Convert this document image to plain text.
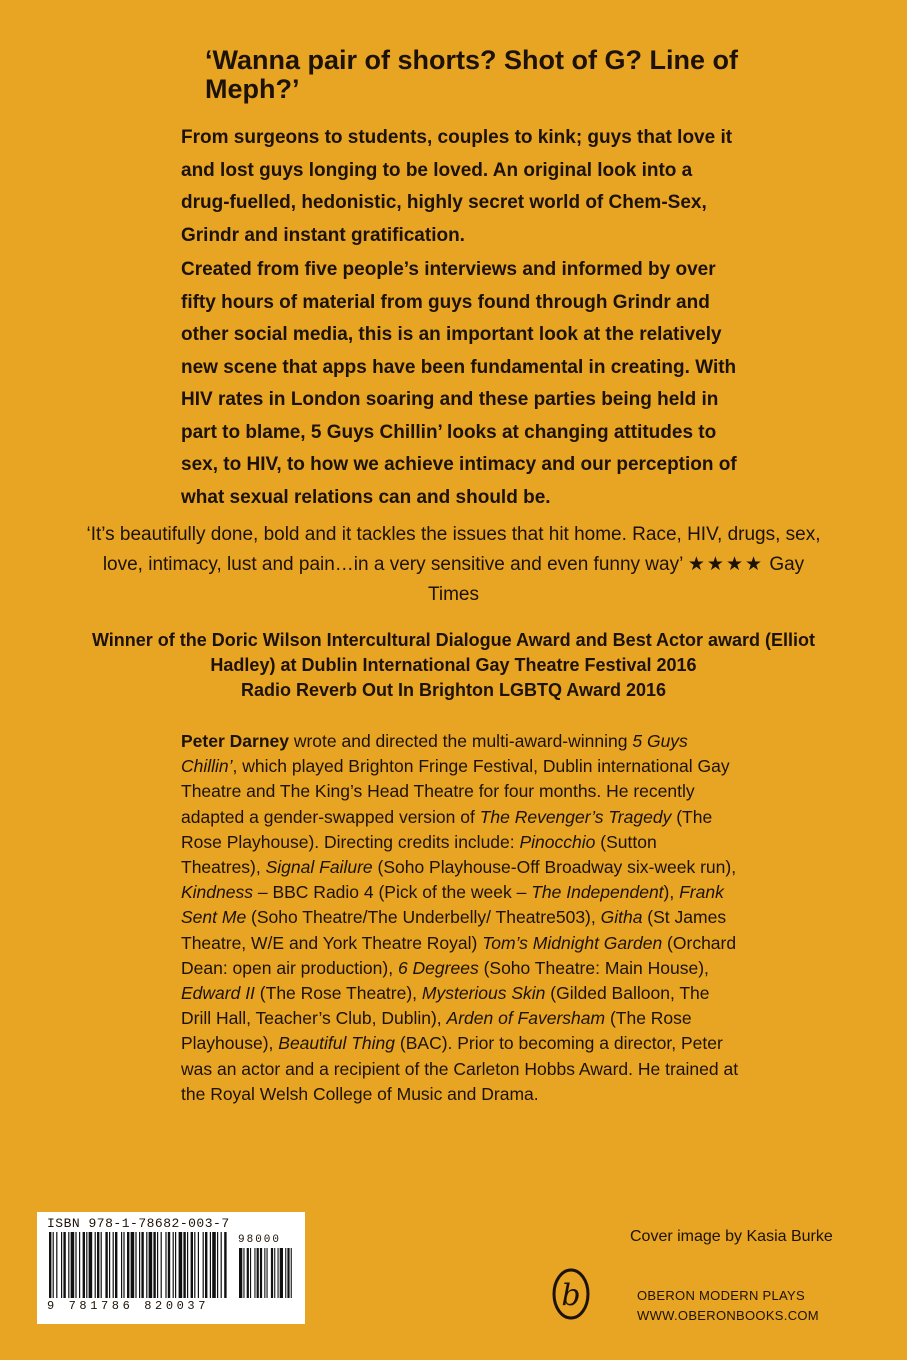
‘Wanna pair of shorts? Shot of G? Line of Meph?’

From surgeons to students, couples to kink; guys that love it and lost guys longing to be loved. An original look into a drug-fuelled, hedonistic, highly secret world of Chem-Sex, Grindr and instant gratification.

Created from five people’s interviews and informed by over fifty hours of material from guys found through Grindr and other social media, this is an important look at the relatively new scene that apps have been fundamental in creating. With HIV rates in London soaring and these parties being held in part to blame, 5 Guys Chillin’ looks at changing attitudes to sex, to HIV, to how we achieve intimacy and our perception of what sexual relations can and should be.

‘It’s beautifully done, bold and it tackles the issues that hit home. Race, HIV, drugs, sex, love, intimacy, lust and pain…in a very sensitive and even funny way’ ★★★★ Gay Times
Winner of the Doric Wilson Intercultural Dialogue Award and Best Actor award (Elliot Hadley) at Dublin International Gay Theatre Festival 2016
Radio Reverb Out In Brighton LGBTQ Award 2016

Peter Darney wrote and directed the multi-award-winning 5 Guys Chillin’, which played Brighton Fringe Festival, Dublin international Gay Theatre and The King’s Head Theatre for four months. He recently adapted a gender-swapped version of The Revenger’s Tragedy (The Rose Playhouse). Directing credits include: Pinocchio (Sutton Theatres), Signal Failure (Soho Playhouse-Off Broadway six-week run), Kindness – BBC Radio 4 (Pick of the week – The Independent), Frank Sent Me (Soho Theatre/The Underbelly/ Theatre503), Githa (St James Theatre, W/E and York Theatre Royal) Tom’s Midnight Garden (Orchard Dean: open air production), 6 Degrees (Soho Theatre: Main House), Edward II (The Rose Theatre), Mysterious Skin (Gilded Balloon, The Drill Hall, Teacher’s Club, Dublin), Arden of Faversham (The Rose Playhouse), Beautiful Thing (BAC). Prior to becoming a director, Peter was an actor and a recipient of the Carleton Hobbs Award. He trained at the Royal Welsh College of Music and Drama.

ISBN 978-1-78682-003-7
98000
9 781786 820037
Cover image by Kasia Burke
b	OBERON MODERN PLAYS
WWW.OBERONBOOKS.COM
